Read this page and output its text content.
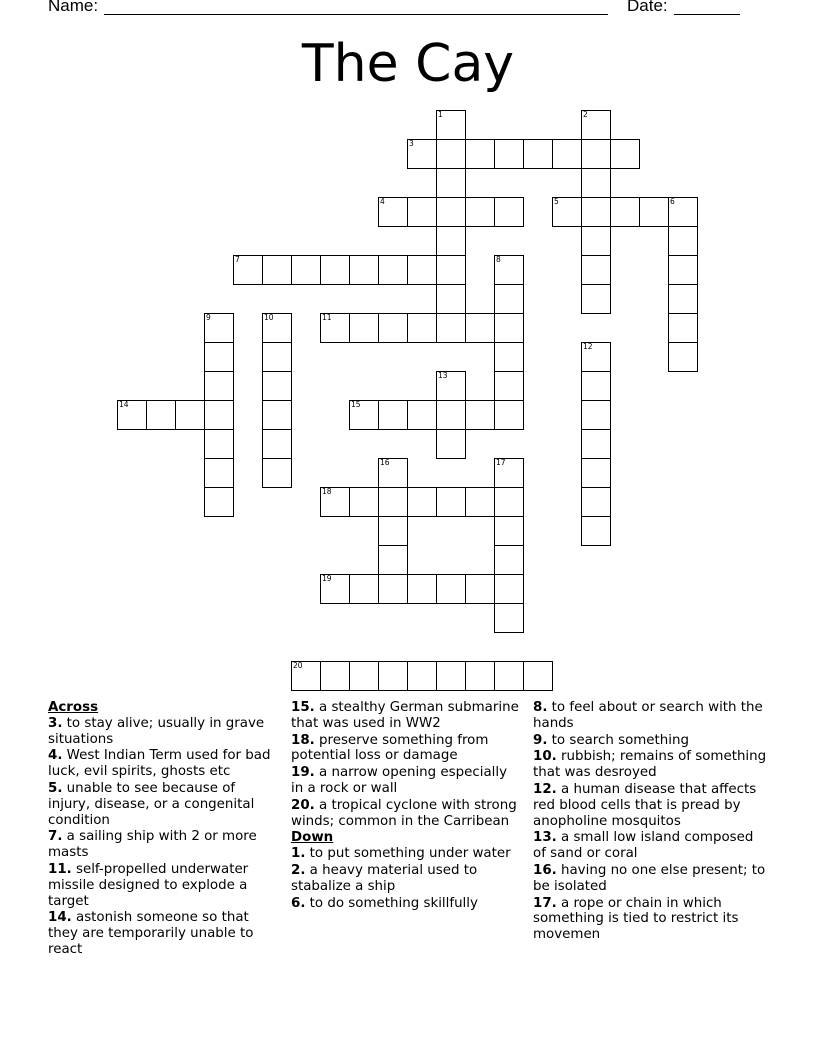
Name:	Date:
The Cay
1	2
3
4	5	6
7	8
9	10	11
12
13
14	15
16	17
18
19
20
Across
3. to stay alive; usually in grave situations
4. West Indian Term used for bad luck, evil spirits, ghosts etc
5. unable to see because of injury, disease, or a congenital condition
7. a sailing ship with 2 or more masts
11. self-propelled underwater missile designed to explode a target
14. astonish someone so that they are temporarily unable to react
15. a stealthy German submarine that was used in WW2
18. preserve something from potential loss or damage
19. a narrow opening especially in a rock or wall
20. a tropical cyclone with strong winds; common in the Carribean
Down
1. to put something under water
2. a heavy material used to stabalize a ship
6. to do something skillfully
8. to feel about or search with the hands
9. to search something
10. rubbish; remains of something that was desroyed
12. a human disease that affects red blood cells that is pread by anopholine mosquitos
13. a small low island composed of sand or coral
16. having no one else present; to be isolated
17. a rope or chain in which something is tied to restrict its movemen
